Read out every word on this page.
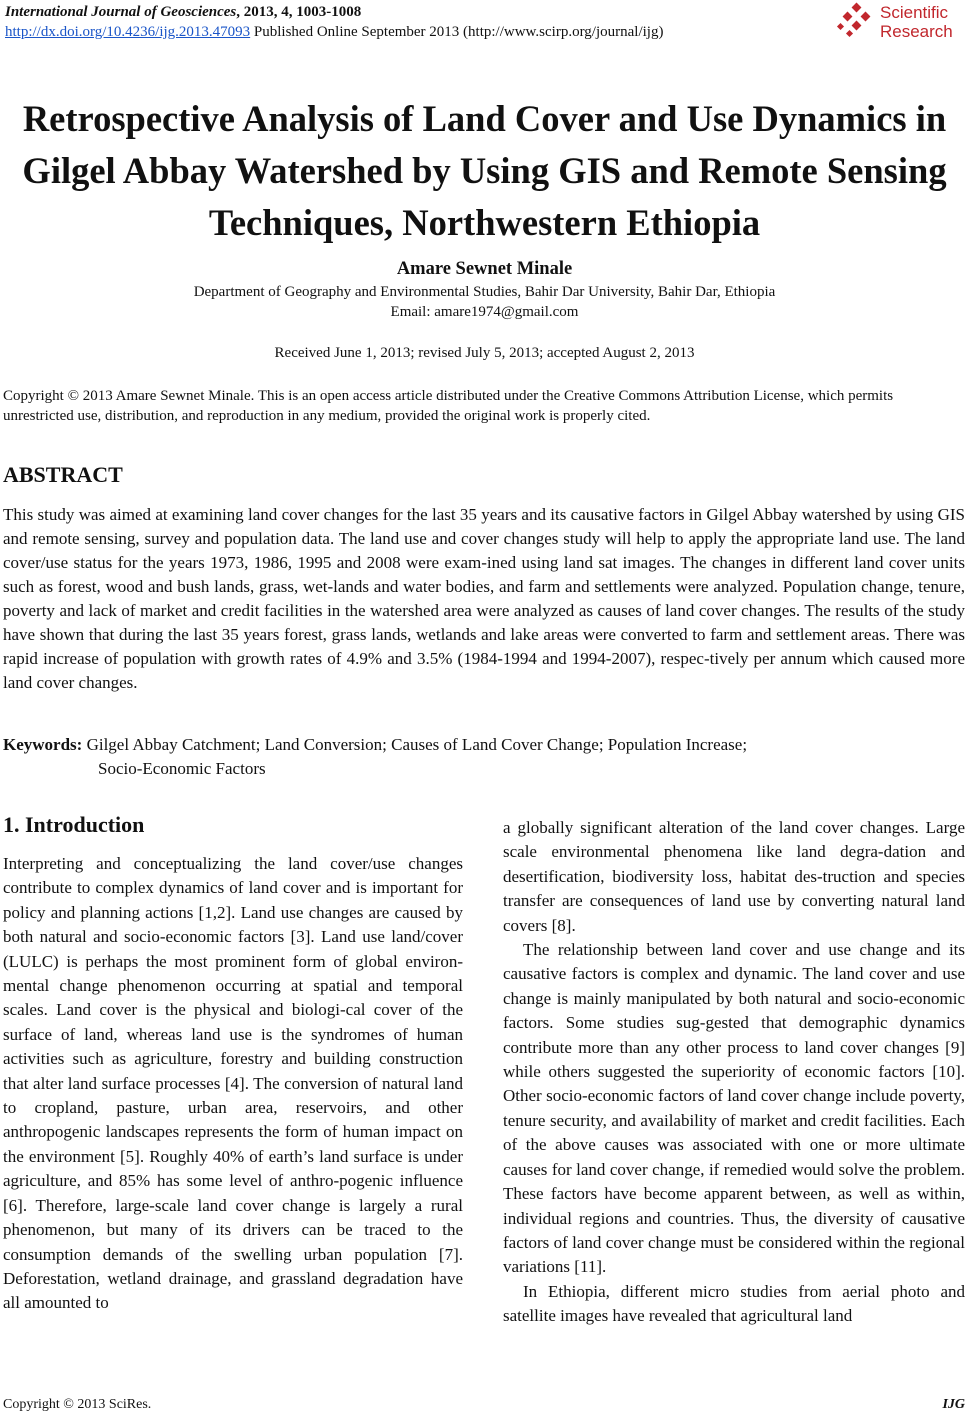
International Journal of Geosciences, 2013, 4, 1003-1008
http://dx.doi.org/10.4236/ijg.2013.47093 Published Online September 2013 (http://www.scirp.org/journal/ijg)
Scientific
Research
Retrospective Analysis of Land Cover and Use Dynamics in
Gilgel Abbay Watershed by Using GIS and Remote Sensing
Techniques, Northwestern Ethiopia
Amare Sewnet Minale
Department of Geography and Environmental Studies, Bahir Dar University, Bahir Dar, Ethiopia
Email: amare1974@gmail.com
Received June 1, 2013; revised July 5, 2013; accepted August 2, 2013
Copyright © 2013 Amare Sewnet Minale. This is an open access article distributed under the Creative Commons Attribution License, which permits unrestricted use, distribution, and reproduction in any medium, provided the original work is properly cited.
ABSTRACT
This study was aimed at examining land cover changes for the last 35 years and its causative factors in Gilgel Abbay watershed by using GIS and remote sensing, survey and population data. The land use and cover changes study will help to apply the appropriate land use. The land cover/use status for the years 1973, 1986, 1995 and 2008 were exam-ined using land sat images. The changes in different land cover units such as forest, wood and bush lands, grass, wet-lands and water bodies, and farm and settlements were analyzed. Population change, tenure, poverty and lack of market and credit facilities in the watershed area were analyzed as causes of land cover changes. The results of the study have shown that during the last 35 years forest, grass lands, wetlands and lake areas were converted to farm and settlement areas. There was rapid increase of population with growth rates of 4.9% and 3.5% (1984-1994 and 1994-2007), respec-tively per annum which caused more land cover changes.
Keywords: Gilgel Abbay Catchment; Land Conversion; Causes of Land Cover Change; Population Increase;
Socio-Economic Factors
1. Introduction

Interpreting and conceptualizing the land cover/use changes contribute to complex dynamics of land cover and is important for policy and planning actions [1,2]. Land use changes are caused by both natural and socio-economic factors [3]. Land use land/cover (LULC) is perhaps the most prominent form of global environ-mental change phenomenon occurring at spatial and temporal scales. Land cover is the physical and biologi-cal cover of the surface of land, whereas land use is the syndromes of human activities such as agriculture, forestry and building construction that alter land surface processes [4]. The conversion of natural land to cropland, pasture, urban area, reservoirs, and other anthropogenic landscapes represents the form of human impact on the environment [5]. Roughly 40% of earth’s land surface is under agriculture, and 85% has some level of anthro-pogenic influence [6]. Therefore, large-scale land cover change is largely a rural phenomenon, but many of its drivers can be traced to the consumption demands of the swelling urban population [7]. Deforestation, wetland drainage, and grassland degradation have all amounted to

a globally significant alteration of the land cover changes. Large scale environmental phenomena like land degra-dation and desertification, biodiversity loss, habitat des-truction and species transfer are consequences of land use by converting natural land covers [8].

The relationship between land cover and use change and its causative factors is complex and dynamic. The land cover and use change is mainly manipulated by both natural and socio-economic factors. Some studies sug-gested that demographic dynamics contribute more than any other process to land cover changes [9] while others suggested the superiority of economic factors [10]. Other socio-economic factors of land cover change include poverty, tenure security, and availability of market and credit facilities. Each of the above causes was associated with one or more ultimate causes for land cover change, if remedied would solve the problem. These factors have become apparent between, as well as within, individual regions and countries. Thus, the diversity of causative factors of land cover change must be considered within the regional variations [11].

In Ethiopia, different micro studies from aerial photo and satellite images have revealed that agricultural land

Copyright © 2013 SciRes.	IJG
